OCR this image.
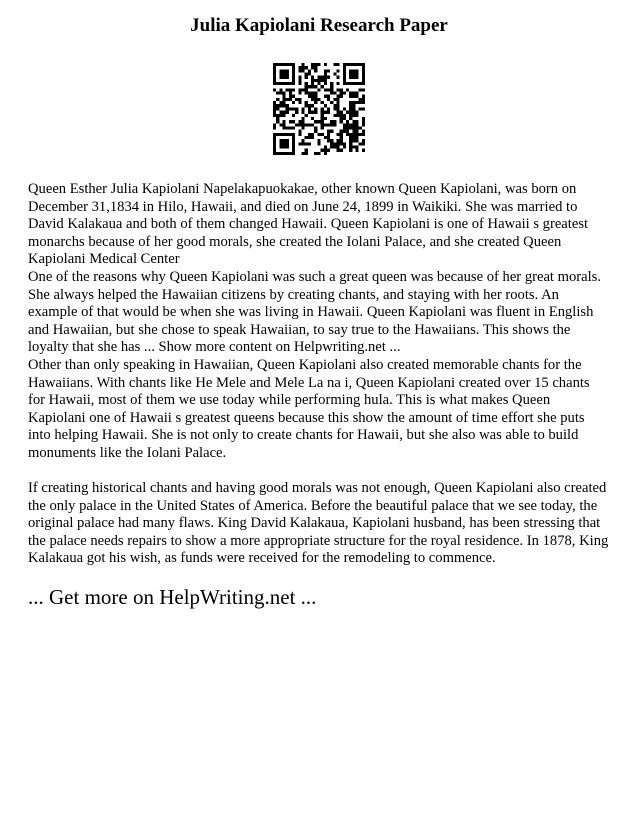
Julia Kapiolani Research Paper

Queen Esther Julia Kapiolani Napelakapuokakae, other known Queen Kapiolani, was born on December 31,1834 in Hilo, Hawaii, and died on June 24, 1899 in Waikiki. She was married to David Kalakaua and both of them changed Hawaii. Queen Kapiolani is one of Hawaii s greatest monarchs because of her good morals, she created the Iolani Palace, and she created Queen Kapiolani Medical Center

One of the reasons why Queen Kapiolani was such a great queen was because of her great morals. She always helped the Hawaiian citizens by creating chants, and staying with her roots. An example of that would be when she was living in Hawaii. Queen Kapiolani was fluent in English and Hawaiian, but she chose to speak Hawaiian, to say true to the Hawaiians. This shows the loyalty that she has ... Show more content on Helpwriting.net ...

Other than only speaking in Hawaiian, Queen Kapiolani also created memorable chants for the Hawaiians. With chants like He Mele and Mele La na i, Queen Kapiolani created over 15 chants for Hawaii, most of them we use today while performing hula. This is what makes Queen Kapiolani one of Hawaii s greatest queens because this show the amount of time effort she puts into helping Hawaii. She is not only to create chants for Hawaii, but she also was able to build monuments like the Iolani Palace.

If creating historical chants and having good morals was not enough, Queen Kapiolani also created the only palace in the United States of America. Before the beautiful palace that we see today, the original palace had many flaws. King David Kalakaua, Kapiolani husband, has been stressing that the palace needs repairs to show a more appropriate structure for the royal residence. In 1878, King Kalakaua got his wish, as funds were received for the remodeling to commence.

... Get more on HelpWriting.net ...
